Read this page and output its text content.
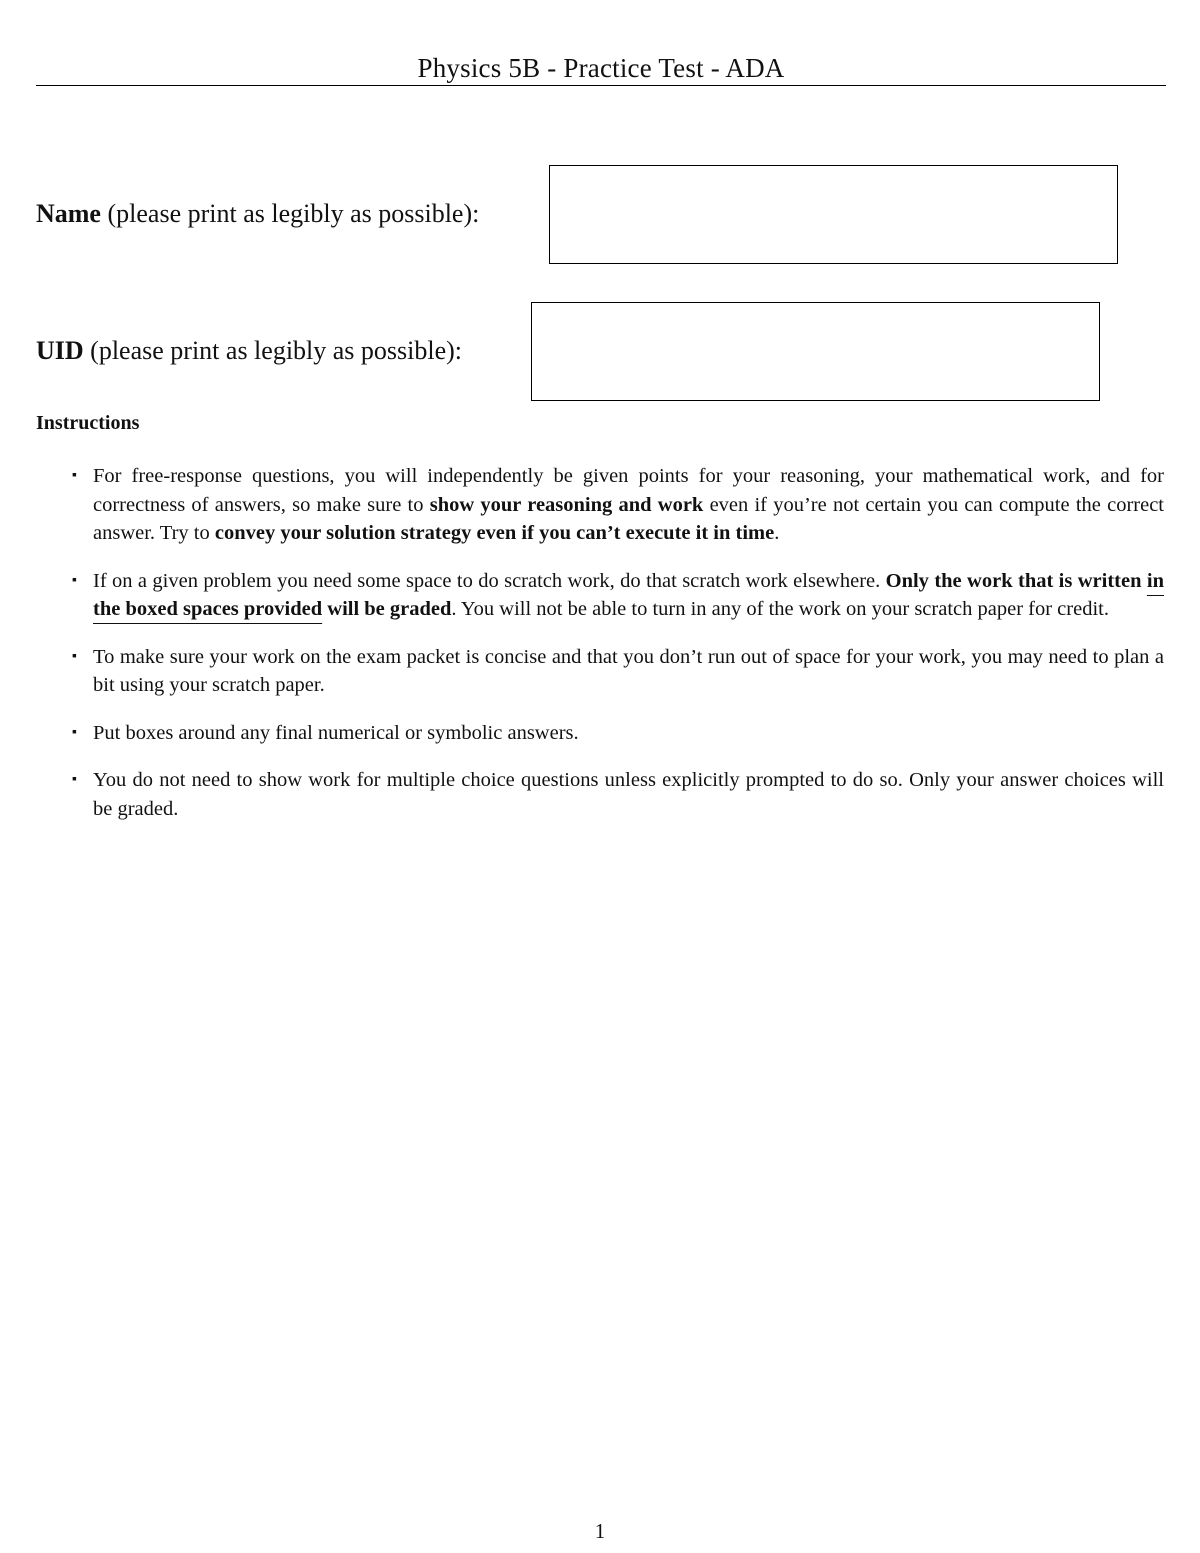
Physics 5B - Practice Test - ADA
Name (please print as legibly as possible):
UID (please print as legibly as possible):
Instructions
▪ For free-response questions, you will independently be given points for your reasoning, your mathematical work, and for correctness of answers, so make sure to show your reasoning and work even if you’re not certain you can compute the correct answer. Try to convey your solution strategy even if you can’t execute it in time.
▪ If on a given problem you need some space to do scratch work, do that scratch work elsewhere. Only the work that is written in the boxed spaces provided will be graded. You will not be able to turn in any of the work on your scratch paper for credit.
▪ To make sure your work on the exam packet is concise and that you don’t run out of space for your work, you may need to plan a bit using your scratch paper.
▪ Put boxes around any final numerical or symbolic answers.
▪ You do not need to show work for multiple choice questions unless explicitly prompted to do so. Only your answer choices will be graded.
1
